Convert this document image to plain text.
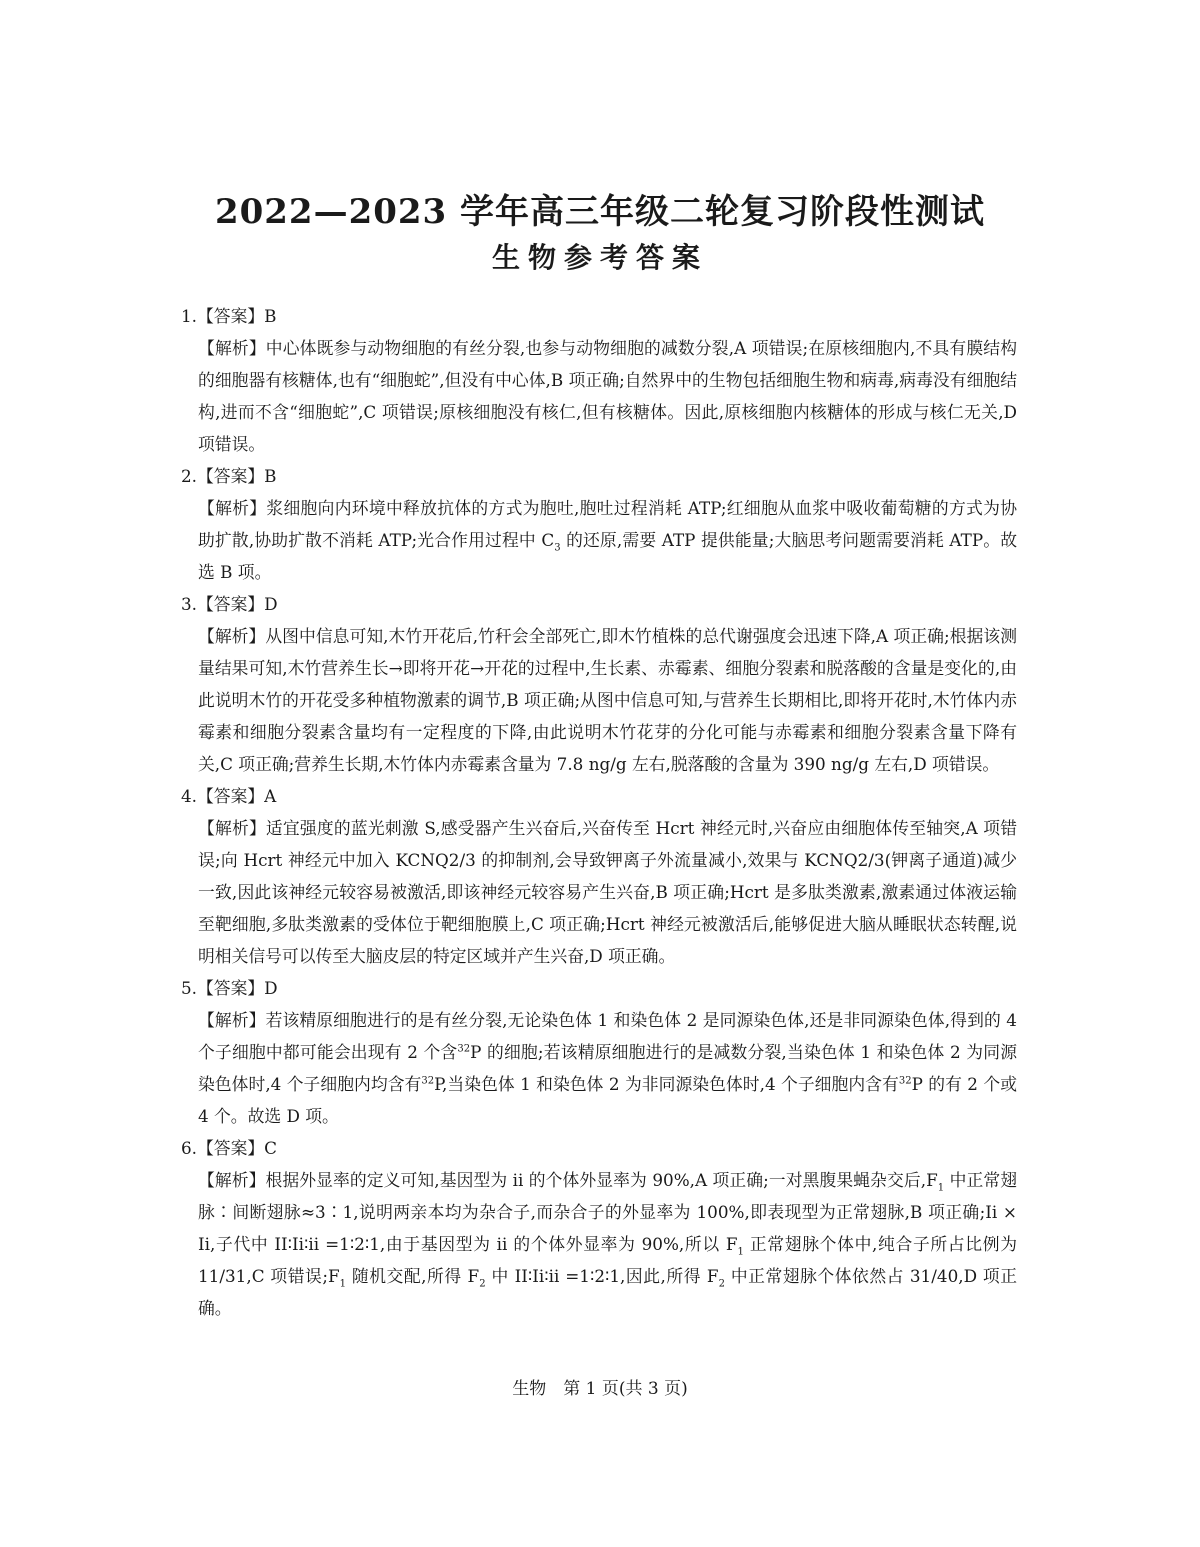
2022—2023 学年高三年级二轮复习阶段性测试
生物参考答案

1.【答案】B

【解析】中心体既参与动物细胞的有丝分裂,也参与动物细胞的减数分裂,A 项错误;在原核细胞内,不具有膜结构的细胞器有核糖体,也有“细胞蛇”,但没有中心体,B 项正确;自然界中的生物包括细胞生物和病毒,病毒没有细胞结构,进而不含“细胞蛇”,C 项错误;原核细胞没有核仁,但有核糖体。因此,原核细胞内核糖体的形成与核仁无关,D 项错误。

2.【答案】B

【解析】浆细胞向内环境中释放抗体的方式为胞吐,胞吐过程消耗 ATP;红细胞从血浆中吸收葡萄糖的方式为协助扩散,协助扩散不消耗 ATP;光合作用过程中 $C_3$ 的还原,需要 ATP 提供能量;大脑思考问题需要消耗 ATP。故选 B 项。

3.【答案】D

【解析】从图中信息可知,木竹开花后,竹秆会全部死亡,即木竹植株的总代谢强度会迅速下降,A 项正确;根据该测量结果可知,木竹营养生长→即将开花→开花的过程中,生长素、赤霉素、细胞分裂素和脱落酸的含量是变化的,由此说明木竹的开花受多种植物激素的调节,B 项正确;从图中信息可知,与营养生长期相比,即将开花时,木竹体内赤霉素和细胞分裂素含量均有一定程度的下降,由此说明木竹花芽的分化可能与赤霉素和细胞分裂素含量下降有关,C 项正确;营养生长期,木竹体内赤霉素含量为 7.8 ng/g 左右,脱落酸的含量为 390 ng/g 左右,D 项错误。

4.【答案】A

【解析】适宜强度的蓝光刺激 S,感受器产生兴奋后,兴奋传至 Hcrt 神经元时,兴奋应由细胞体传至轴突,A 项错误;向 Hcrt 神经元中加入 KCNQ2/3 的抑制剂,会导致钾离子外流量减小,效果与 KCNQ2/3(钾离子通道)减少一致,因此该神经元较容易被激活,即该神经元较容易产生兴奋,B 项正确;Hcrt 是多肽类激素,激素通过体液运输至靶细胞,多肽类激素的受体位于靶细胞膜上,C 项正确;Hcrt 神经元被激活后,能够促进大脑从睡眠状态转醒,说明相关信号可以传至大脑皮层的特定区域并产生兴奋,D 项正确。

5.【答案】D

【解析】若该精原细胞进行的是有丝分裂,无论染色体 1 和染色体 2 是同源染色体,还是非同源染色体,得到的 4 个子细胞中都可能会出现有 2 个含$^{32}$P 的细胞;若该精原细胞进行的是减数分裂,当染色体 1 和染色体 2 为同源染色体时,4 个子细胞内均含有$^{32}$P,当染色体 1 和染色体 2 为非同源染色体时,4 个子细胞内含有$^{32}$P 的有 2 个或 4 个。故选 D 项。

6.【答案】C

【解析】根据外显率的定义可知,基因型为 ii 的个体外显率为 90%,A 项正确;一对黑腹果蝇杂交后$,F_1$ 中正常翅脉∶间断翅脉≈3∶1,说明两亲本均为杂合子,而杂合子的外显率为 100%,即表现型为正常翅脉,B 项正确;Ii × Ii,子代中 II∶Ii∶ii =1∶2∶1,由于基因型为 ii 的个体外显率为 90%,所以 $F_1$ 正常翅脉个体中,纯合子所占比例为 11/31,C 项错误$;F_1$ 随机交配,所得 $F_2$ 中 II∶Ii∶ii =1∶2∶1,因此,所得 $F_2$ 中正常翅脉个体依然占 31/40,D 项正确。

生物　第 1 页(共 3 页)
